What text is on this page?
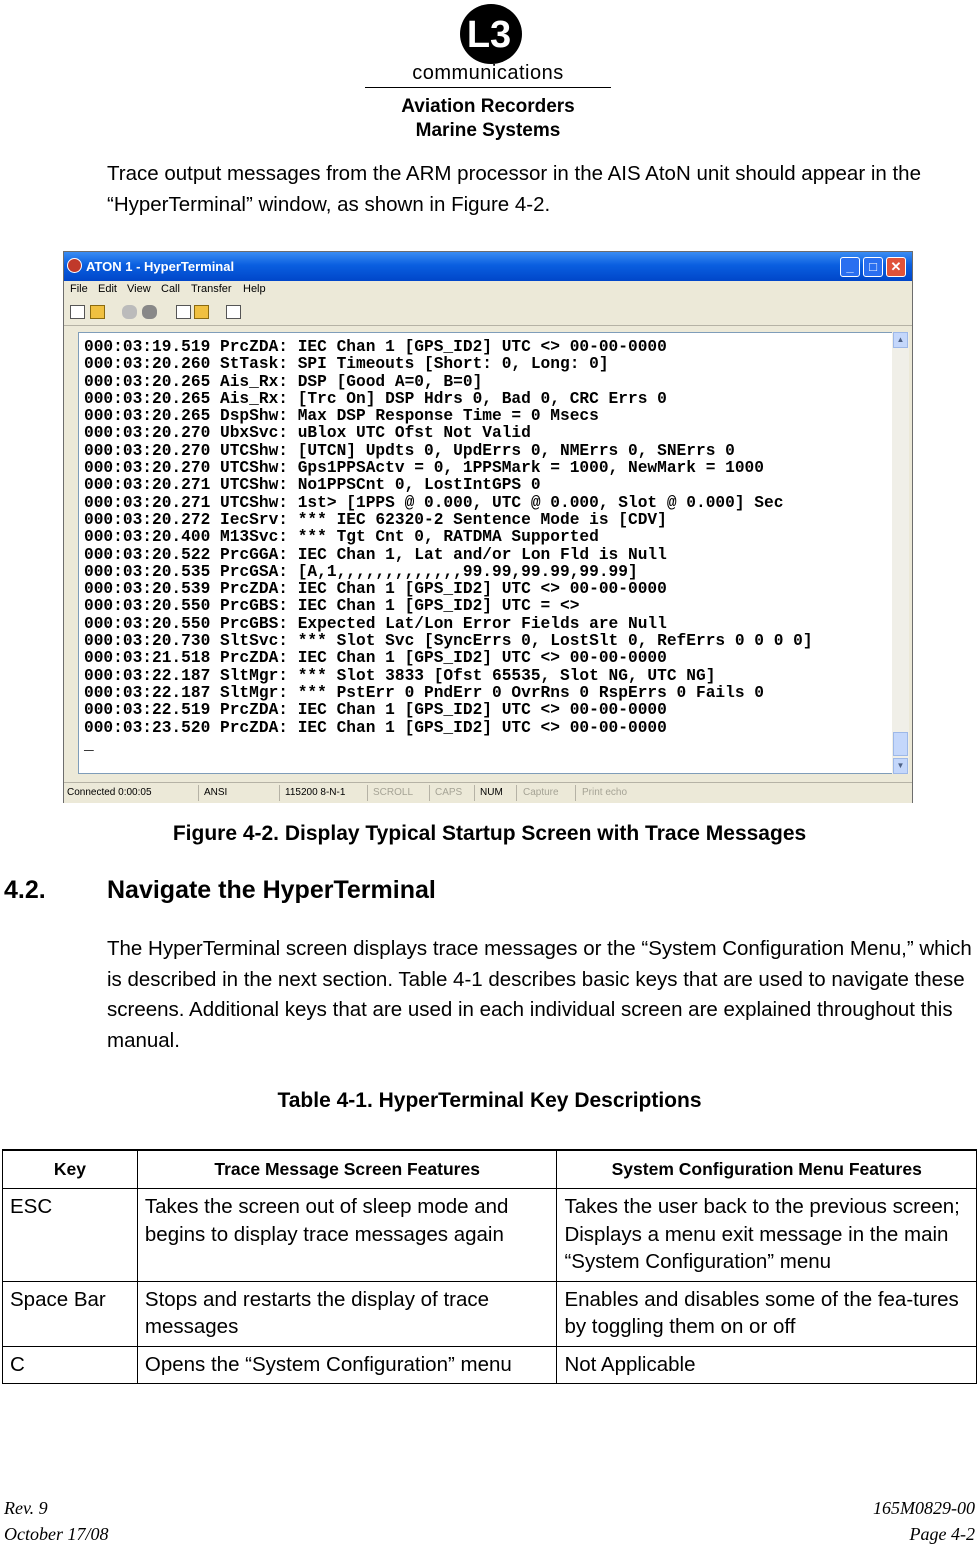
L3
communications
Aviation Recorders
Marine Systems
Trace output messages from the ARM processor in the AIS AtoN unit should appear in the “HyperTerminal” window, as shown in Figure 4-2.
ATON 1 - HyperTerminal	_	□	✕
File Edit View Call Transfer Help
000:03:19.519 PrcZDA: IEC Chan 1 [GPS_ID2] UTC <> 00-00-0000
000:03:20.260 StTask: SPI Timeouts [Short: 0, Long: 0]
000:03:20.265 Ais_Rx: DSP [Good A=0, B=0]
000:03:20.265 Ais_Rx: [Trc On] DSP Hdrs 0, Bad 0, CRC Errs 0
000:03:20.265 DspShw: Max DSP Response Time = 0 Msecs
000:03:20.270 UbxSvc: uBlox UTC Ofst Not Valid
000:03:20.270 UTCShw: [UTCN] Updts 0, UpdErrs 0, NMErrs 0, SNErrs 0
000:03:20.270 UTCShw: Gps1PPSActv = 0, 1PPSMark = 1000, NewMark = 1000
000:03:20.271 UTCShw: No1PPSCnt 0, LostIntGPS 0
000:03:20.271 UTCShw: 1st> [1PPS @ 0.000, UTC @ 0.000, Slot @ 0.000] Sec
000:03:20.272 IecSrv: *** IEC 62320-2 Sentence Mode is [CDV]
000:03:20.400 M13Svc: *** Tgt Cnt 0, RATDMA Supported
000:03:20.522 PrcGGA: IEC Chan 1, Lat and/or Lon Fld is Null
000:03:20.535 PrcGSA: [A,1,,,,,,,,,,,,,99.99,99.99,99.99]
000:03:20.539 PrcZDA: IEC Chan 1 [GPS_ID2] UTC <> 00-00-0000
000:03:20.550 PrcGBS: IEC Chan 1 [GPS_ID2] UTC = <>
000:03:20.550 PrcGBS: Expected Lat/Lon Error Fields are Null
000:03:20.730 SltSvc: *** Slot Svc [SyncErrs 0, LostSlt 0, RefErrs 0 0 0 0]
000:03:21.518 PrcZDA: IEC Chan 1 [GPS_ID2] UTC <> 00-00-0000
000:03:22.187 SltMgr: *** Slot 3833 [Ofst 65535, Slot NG, UTC NG]
000:03:22.187 SltMgr: *** PstErr 0 PndErr 0 OvrRns 0 RspErrs 0 Fails 0
000:03:22.519 PrcZDA: IEC Chan 1 [GPS_ID2] UTC <> 00-00-0000
000:03:23.520 PrcZDA: IEC Chan 1 [GPS_ID2] UTC <> 00-00-0000
_
▲
▼
Connected 0:00:05	ANSI	115200 8-N-1	SCROLL CAPS NUM Capture Print echo
Figure 4-2. Display Typical Startup Screen with Trace Messages
4.2. Navigate the HyperTerminal
The HyperTerminal screen displays trace messages or the “System Configuration Menu,” which is described in the next section. Table 4-1 describes basic keys that are used to navigate these screens. Additional keys that are used in each individual screen are explained throughout this manual.
Table 4-1. HyperTerminal Key Descriptions
Key	Trace Message Screen Features	System Configuration Menu Features
ESC	Takes the screen out of sleep mode and begins to display trace messages again	Takes the user back to the previous screen; Displays a menu exit message in the main “System Configuration” menu
Space Bar	Stops and restarts the display of trace messages	Enables and disables some of the fea-tures by toggling them on or off
C	Opens the “System Configuration” menu	Not Applicable
Rev. 9
October 17/08
165M0829-00
Page 4-2
